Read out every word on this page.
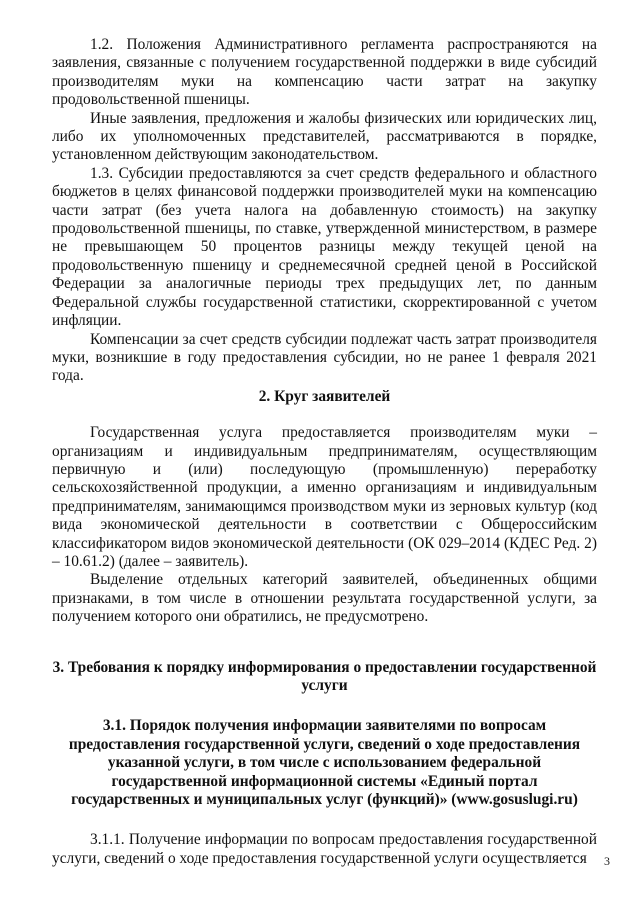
1.2. Положения Административного регламента распространяются на заявления, связанные с получением государственной поддержки в виде субсидий производителям муки на компенсацию части затрат на закупку продовольственной пшеницы.

Иные заявления, предложения и жалобы физических или юридических лиц, либо их уполномоченных представителей, рассматриваются в порядке, установленном действующим законодательством.

1.3. Субсидии предоставляются за счет средств федерального и областного бюджетов в целях финансовой поддержки производителей муки на компенсацию части затрат (без учета налога на добавленную стоимость) на закупку продовольственной пшеницы, по ставке, утвержденной министерством, в размере не превышающем 50 процентов разницы между текущей ценой на продовольственную пшеницу и среднемесячной средней ценой в Российской Федерации за аналогичные периоды трех предыдущих лет, по данным Федеральной службы государственной статистики, скорректированной с учетом инфляции.

Компенсации за счет средств субсидии подлежат часть затрат производителя муки, возникшие в году предоставления субсидии, но не ранее 1 февраля 2021 года.

2. Круг заявителей

Государственная услуга предоставляется производителям муки – организациям и индивидуальным предпринимателям, осуществляющим первичную и (или) последующую (промышленную) переработку сельскохозяйственной продукции, а именно организациям и индивидуальным предпринимателям, занимающимся производством муки из зерновых культур (код вида экономической деятельности в соответствии с Общероссийским классификатором видов экономической деятельности (ОК 029–2014 (КДЕС Ред. 2) – 10.61.2) (далее – заявитель).

Выделение отдельных категорий заявителей, объединенных общими признаками, в том числе в отношении результата государственной услуги, за получением которого они обратились, не предусмотрено.

3. Требования к порядку информирования о предоставлении государственной услуги
3.1. Порядок получения информации заявителями по вопросам предоставления государственной услуги, сведений о ходе предоставления указанной услуги, в том числе с использованием федеральной государственной информационной системы «Единый портал государственных и муниципальных услуг (функций)» (www.gosuslugi.ru)

3.1.1. Получение информации по вопросам предоставления государственной услуги, сведений о ходе предоставления государственной услуги осуществляется	3
